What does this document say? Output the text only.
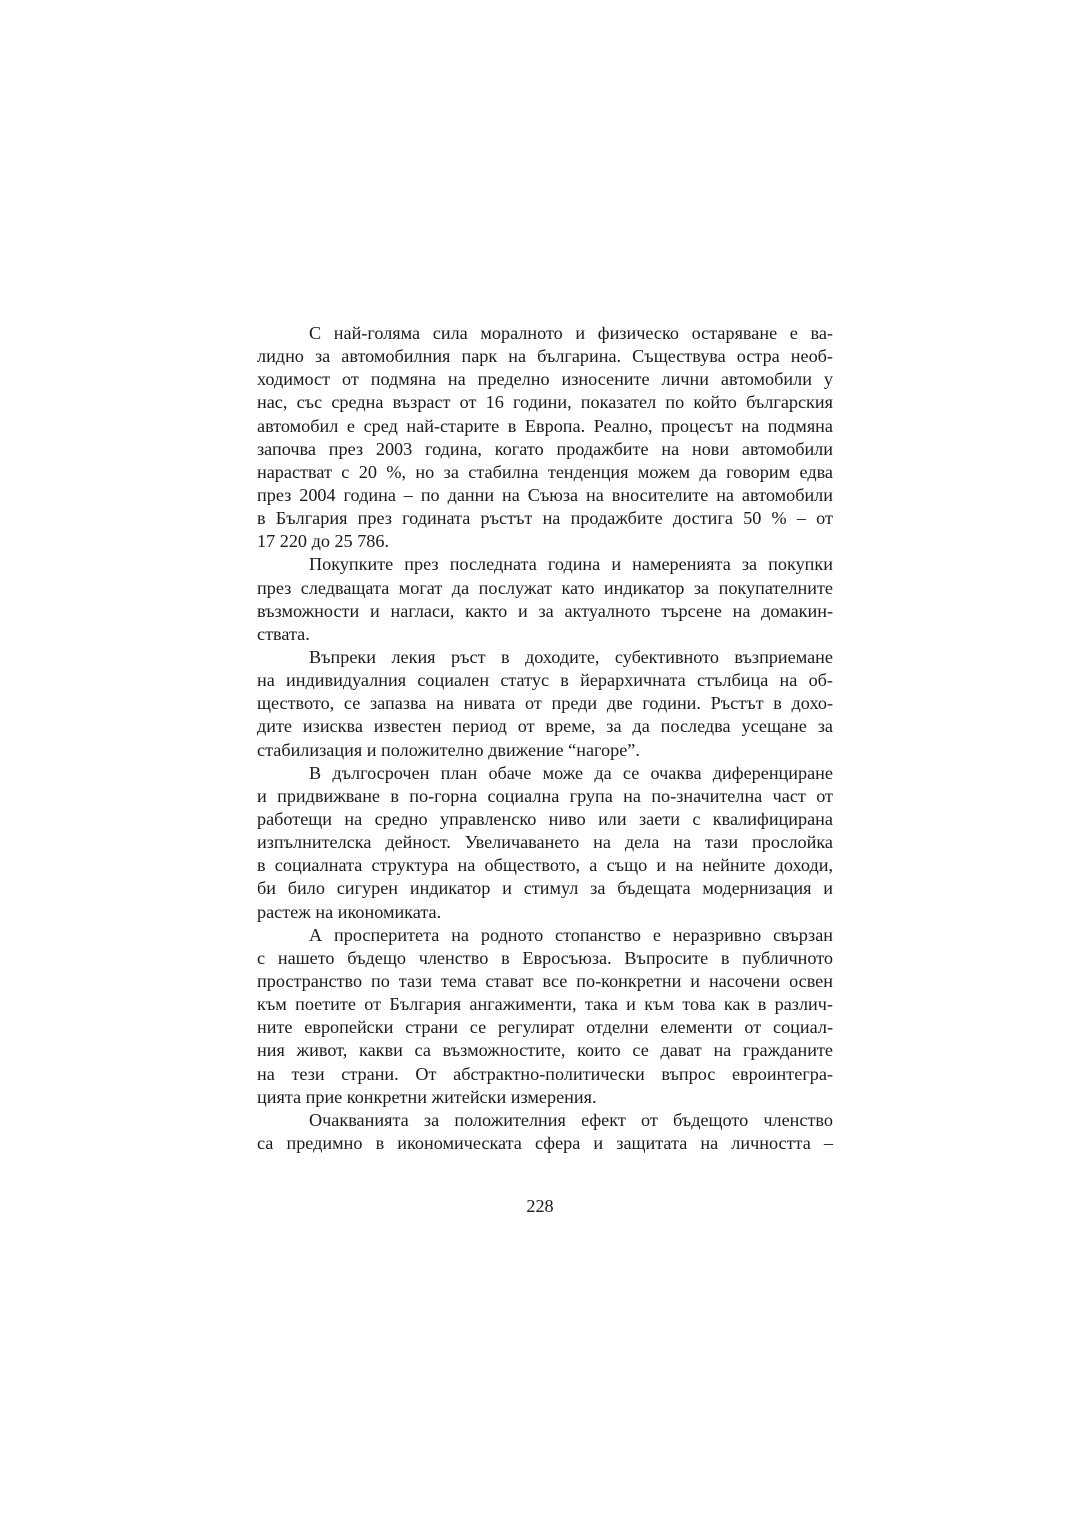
С най-голяма сила моралното и физическо остаряване е ва-
лидно за автомобилния парк на българина. Съществува остра необ-
ходимост от подмяна на пределно износените лични автомобили у
нас, със средна възраст от 16 години, показател по който българския
автомобил е сред най-старите в Европа. Реално, процесът на подмяна
започва през 2003 година, когато продажбите на нови автомобили
нарастват с 20 %, но за стабилна тенденция можем да говорим едва
през 2004 година – по данни на Съюза на вносителите на автомобили
в България през годината ръстът на продажбите достига 50 % – от
17 220 до 25 786.
Покупките през последната година и намеренията за покупки
през следващата могат да послужат като индикатор за покупателните
възможности и нагласи, както и за актуалното търсене на домакин-
ствата.
Въпреки лекия ръст в доходите, субективното възприемане
на индивидуалния социален статус в йерархичната стълбица на об-
ществото, се запазва на нивата от преди две години. Ръстът в дохо-
дите изисква известен период от време, за да последва усещане за
стабилизация и положително движение “нагоре”.
В дългосрочен план обаче може да се очаква диференциране
и придвижване в по-горна социална група на по-значителна част от
работещи на средно управленско ниво или заети с квалифицирана
изпълнителска дейност. Увеличаването на дела на тази прослойка
в социалната структура на обществото, а също и на нейните доходи,
би било сигурен индикатор и стимул за бъдещата модернизация и
растеж на икономиката.
А просперитета на родното стопанство е неразривно свързан
с нашето бъдещо членство в Евросъюза. Въпросите в публичното
пространство по тази тема стават все по-конкретни и насочени освен
към поетите от България ангажименти, така и към това как в различ-
ните европейски страни се регулират отделни елементи от социал-
ния живот, какви са възможностите, които се дават на гражданите
на тези страни. От абстрактно-политически въпрос евроинтегра-
цията прие конкретни житейски измерения.
Очакванията за положителния ефект от бъдещото членство
са предимно в икономическата сфера и защитата на личността –
228
